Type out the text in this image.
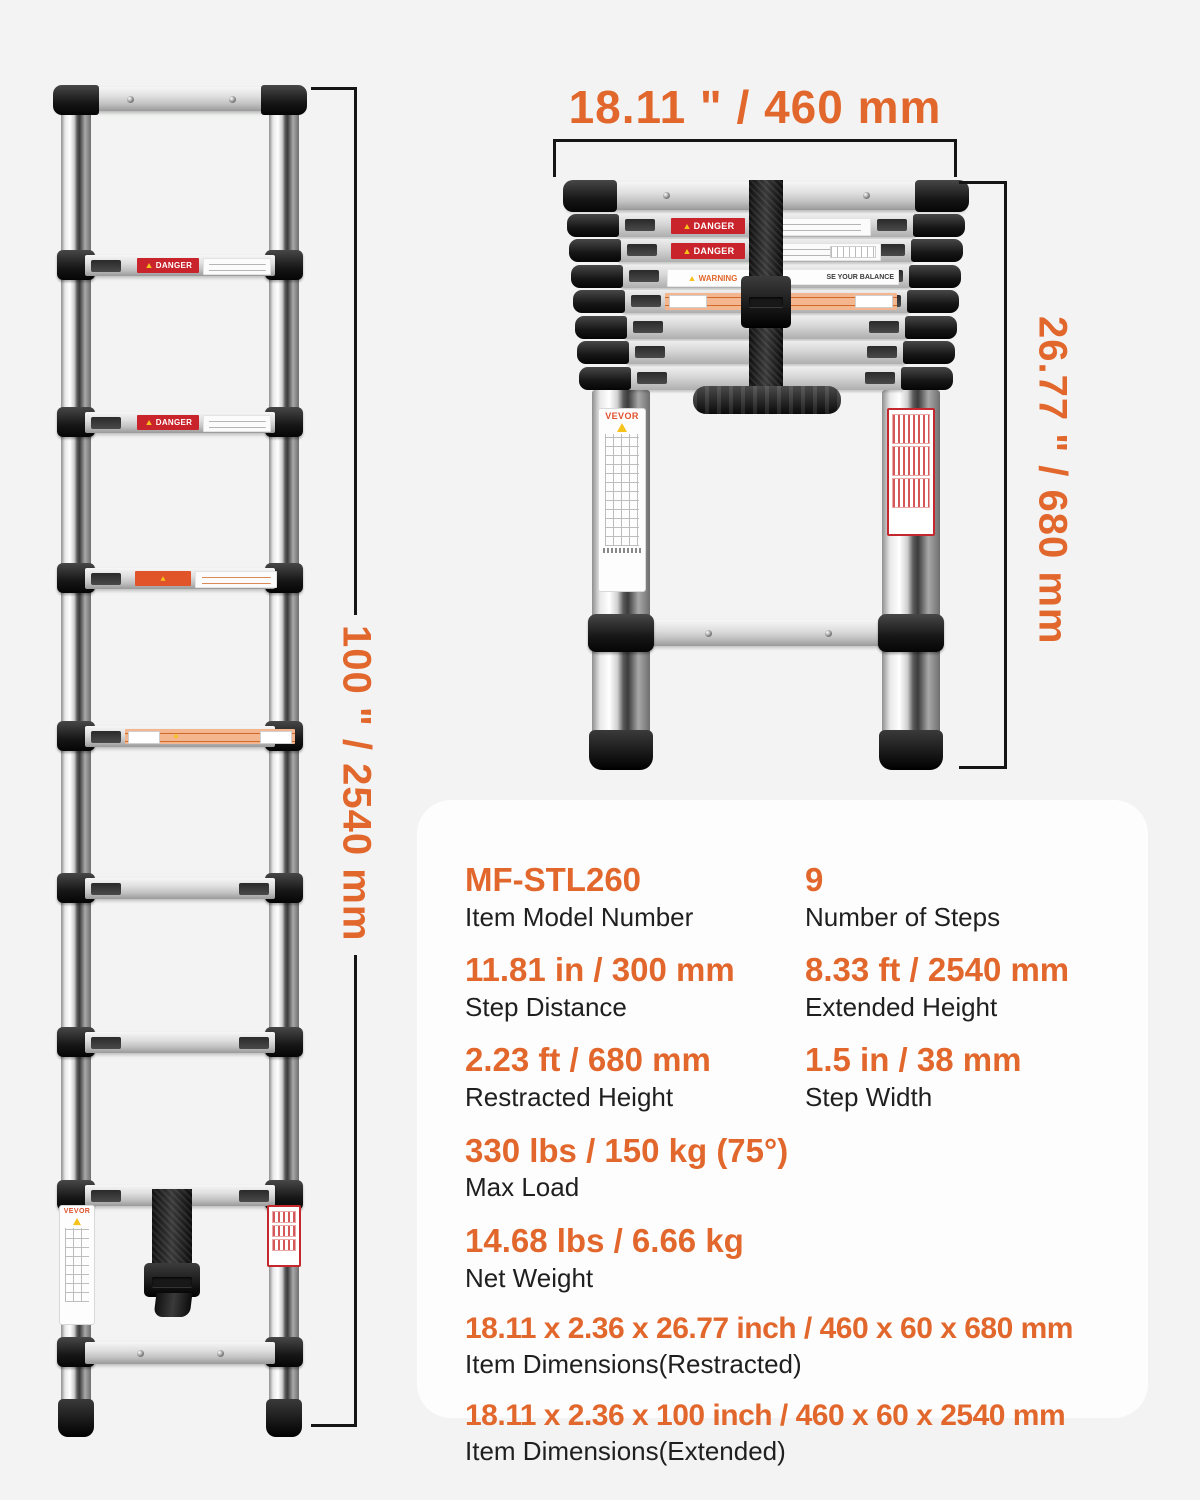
DANGER
DANGER
VEVOR
100 " / 2540 mm
DANGER
DANGER
WARNING	SE YOUR BALANCE
VEVOR
18.11 " / 460 mm
26.77 " / 680 mm
MF-STL260
Item Model Number
9
Number of Steps
11.81 in / 300 mm
Step Distance
8.33 ft / 2540 mm
Extended Height
2.23 ft / 680 mm
Restracted Height
1.5 in / 38 mm
Step Width
330 lbs / 150 kg (75°)
Max Load
14.68 lbs / 6.66 kg
Net Weight
18.11 x 2.36 x 26.77 inch / 460 x 60 x 680 mm
Item Dimensions(Restracted)
18.11 x 2.36 x 100 inch / 460 x 60 x 2540 mm
Item Dimensions(Extended)
